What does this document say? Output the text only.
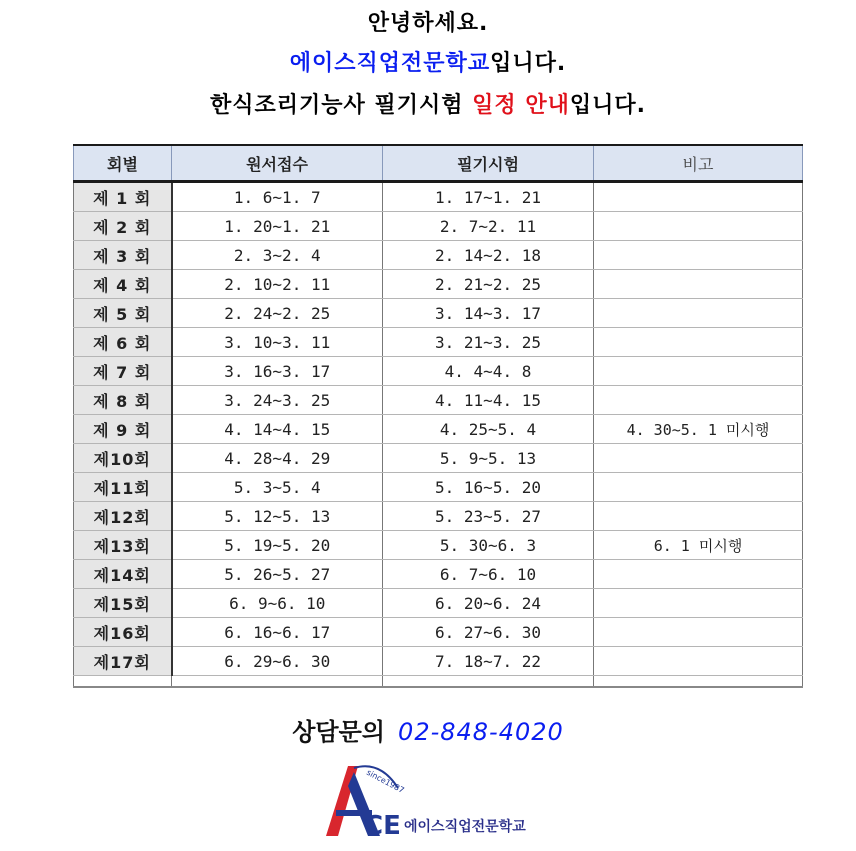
안녕하세요.
에이스직업전문학교입니다.
한식조리기능사 필기시험 일정 안내입니다.
회별	원서접수	필기시험	비고
제 1 회	1. 6~1. 7	1. 17~1. 21	
제 2 회	1. 20~1. 21	2. 7~2. 11	
제 3 회	2. 3~2. 4	2. 14~2. 18	
제 4 회	2. 10~2. 11	2. 21~2. 25	
제 5 회	2. 24~2. 25	3. 14~3. 17	
제 6 회	3. 10~3. 11	3. 21~3. 25	
제 7 회	3. 16~3. 17	4. 4~4. 8	
제 8 회	3. 24~3. 25	4. 11~4. 15	
제 9 회	4. 14~4. 15	4. 25~5. 4	4. 30~5. 1 미시행
제10회	4. 28~4. 29	5. 9~5. 13	
제11회	5. 3~5. 4	5. 16~5. 20	
제12회	5. 12~5. 13	5. 23~5. 27	
제13회	5. 19~5. 20	5. 30~6. 3	6. 1 미시행
제14회	5. 26~5. 27	6. 7~6. 10	
제15회	6. 9~6. 10	6. 20~6. 24	
제16회	6. 16~6. 17	6. 27~6. 30	
제17회	6. 29~6. 30	7. 18~7. 22	

상담문의 02-848-4020
since1987
CE 에이스직업전문학교
